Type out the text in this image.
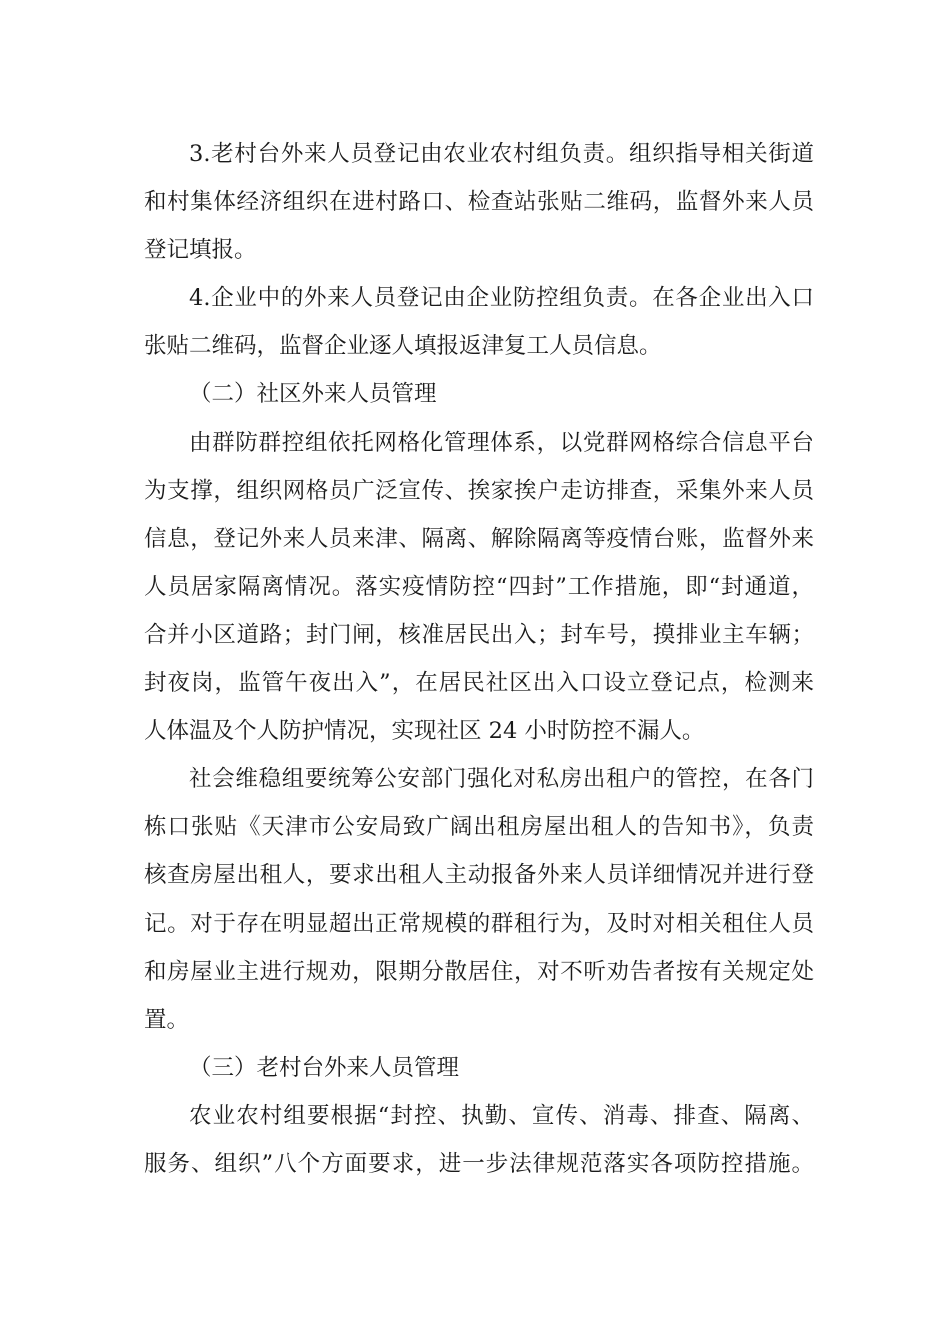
3.老村台外来人员登记由农业农村组负责。组织指导相关街道
和村集体经济组织在进村路口、检查站张贴二维码，监督外来人员
登记填报。
4.企业中的外来人员登记由企业防控组负责。在各企业出入口
张贴二维码，监督企业逐人填报返津复工人员信息。
（二）社区外来人员管理
由群防群控组依托网格化管理体系，以党群网格综合信息平台
为支撑，组织网格员广泛宣传、挨家挨户走访排查，采集外来人员
信息，登记外来人员来津、隔离、解除隔离等疫情台账，监督外来
人员居家隔离情况。落实疫情防控“四封”工作措施，即“封通道，
合并小区道路；封门闸，核准居民出入；封车号，摸排业主车辆；
封夜岗，监管午夜出入”，在居民社区出入口设立登记点，检测来
人体温及个人防护情况，实现社区 24 小时防控不漏人。
社会维稳组要统筹公安部门强化对私房出租户的管控，在各门
栋口张贴《天津市公安局致广阔出租房屋出租人的告知书》，负责
核查房屋出租人，要求出租人主动报备外来人员详细情况并进行登
记。对于存在明显超出正常规模的群租行为，及时对相关租住人员
和房屋业主进行规劝，限期分散居住，对不听劝告者按有关规定处
置。
（三）老村台外来人员管理
农业农村组要根据“封控、执勤、宣传、消毒、排查、隔离、
服务、组织”八个方面要求，进一步法律规范落实各项防控措施。
